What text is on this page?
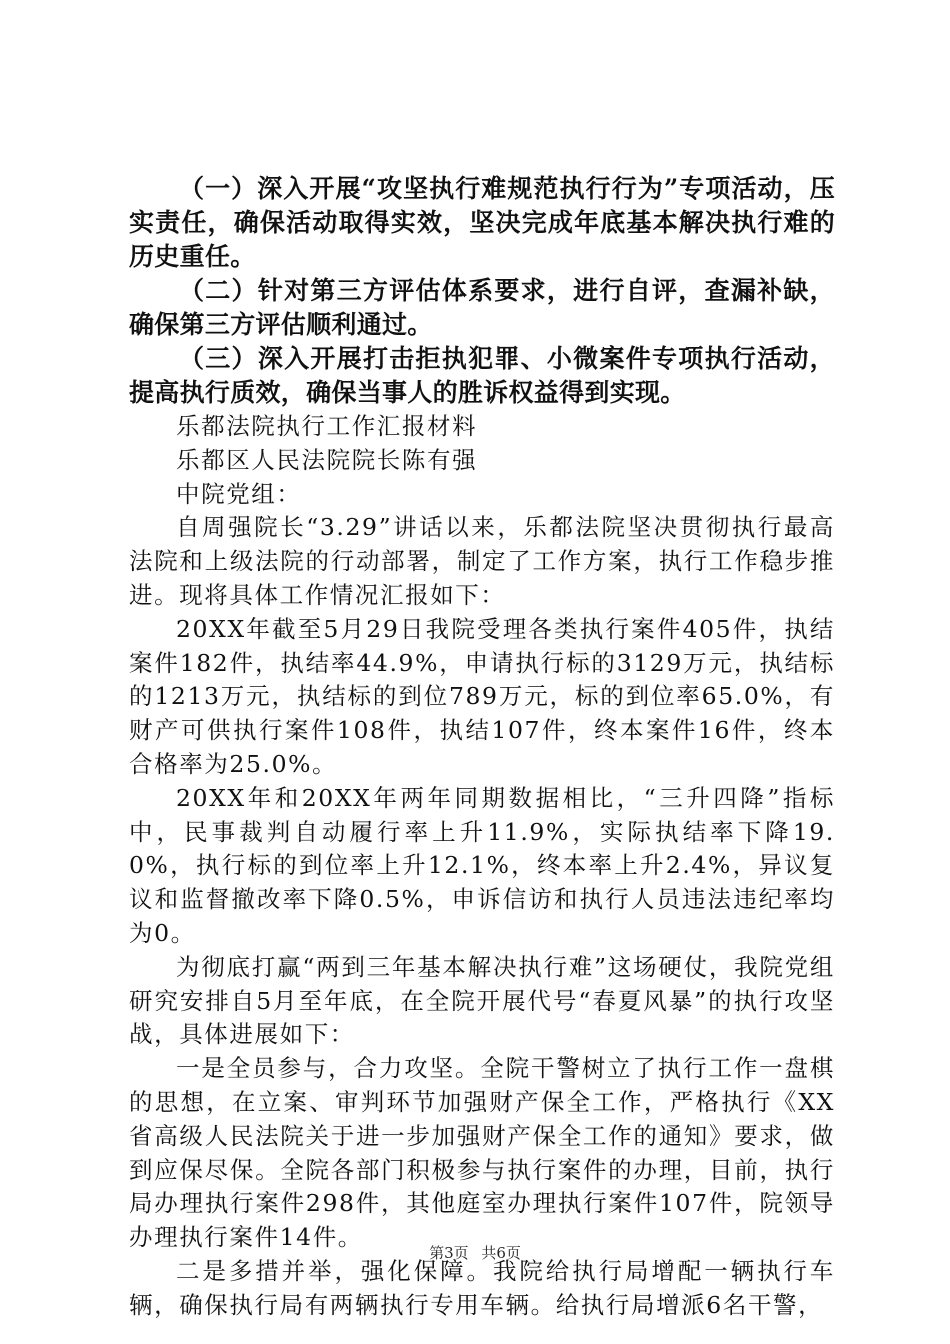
（一）深入开展“攻坚执行难规范执行行为”专项活动，压实责任，确保活动取得实效，坚决完成年底基本解决执行难的历史重任。

（二）针对第三方评估体系要求，进行自评，查漏补缺，确保第三方评估顺利通过。

（三）深入开展打击拒执犯罪、小微案件专项执行活动，提高执行质效，确保当事人的胜诉权益得到实现。

乐都法院执行工作汇报材料

乐都区人民法院院长陈有强

中院党组：

自周强院长“3.29”讲话以来，乐都法院坚决贯彻执行最高法院和上级法院的行动部署，制定了工作方案，执行工作稳步推进。现将具体工作情况汇报如下：

20XX年截至5月29日我院受理各类执行案件405件，执结案件182件，执结率44.9%，申请执行标的3129万元，执结标的1213万元，执结标的到位789万元，标的到位率65.0%，有财产可供执行案件108件，执结107件，终本案件16件，终本合格率为25.0%。

20XX年和20XX年两年同期数据相比，“三升四降”指标中，民事裁判自动履行率上升11.9%，实际执结率下降19.0%，执行标的到位率上升12.1%，终本率上升2.4%，异议复议和监督撤改率下降0.5%，申诉信访和执行人员违法违纪率均为0。

为彻底打赢“两到三年基本解决执行难”这场硬仗，我院党组研究安排自5月至年底，在全院开展代号“春夏风暴”的执行攻坚战，具体进展如下：

一是全员参与，合力攻坚。全院干警树立了执行工作一盘棋的思想，在立案、审判环节加强财产保全工作，严格执行《XX省高级人民法院关于进一步加强财产保全工作的通知》要求，做到应保尽保。全院各部门积极参与执行案件的办理，目前，执行局办理执行案件298件，其他庭室办理执行案件107件，院领导办理执行案件14件。

二是多措并举，强化保障。我院给执行局增配一辆执行车辆，确保执行局有两辆执行专用车辆。给执行局增派6名干警，

第3页 共6页
